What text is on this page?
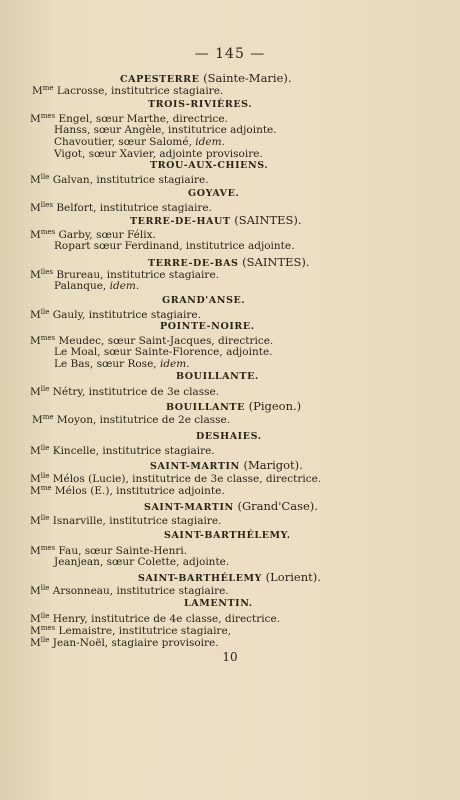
— 145 —
CAPESTERRE (Sainte-Marie).
$M^{me}$ Lacrosse, institutrice stagiaire.
TROIS-RIVIÈRES.
$M^{mes}$ Engel, sœur Marthe, directrice.
Hanss, sœur Angèle, institutrice adjointe.
Chavoutier, sœur Salomé, idem.
Vigot, sœur Xavier, adjointe provisoire.
TROU-AUX-CHIENS.
$M^{lle}$ Galvan, institutrice stagiaire.
GOYAVE.
$M^{lles}$ Belfort, institutrice stagiaire.
TERRE-DE-HAUT (SAINTES).
$M^{mes}$ Garby, sœur Félix.
Ropart sœur Ferdinand, institutrice adjointe.
TERRE-DE-BAS (SAINTES).
$M^{lles}$ Brureau, institutrice stagiaire.
Palanque, idem.
GRAND'ANSE.
$M^{lle}$ Gauly, institutrice stagiaire.
POINTE-NOIRE.
$M^{mes}$ Meudec, sœur Saint-Jacques, directrice.
Le Moal, sœur Sainte-Florence, adjointe.
Le Bas, sœur Rose, idem.
BOUILLANTE.
$M^{lle}$ Nétry, institutrice de 3e classe.
BOUILLANTE (Pigeon.)
$M^{me}$ Moyon, institutrice de 2e classe.
DESHAIES.
$M^{lle}$ Kincelle, institutrice stagiaire.
SAINT-MARTIN (Marigot).
$M^{lle}$ Mélos (Lucie), institutrice de 3e classe, directrice.
$M^{me}$ Mélos (E.), institutrice adjointe.
SAINT-MARTIN (Grand'Case).
$M^{lle}$ Isnarville, institutrice stagiaire.
SAINT-BARTHÉLEMY.
$M^{mes}$ Fau, sœur Sainte-Henri.
Jeanjean, sœur Colette, adjointe.
SAINT-BARTHÉLEMY (Lorient).
$M^{lle}$ Arsonneau, institutrice stagiaire.
LAMENTIN.
$M^{lle}$ Henry, institutrice de 4e classe, directrice.
$M^{mes}$ Lemaistre, institutrice stagiaire,
$M^{lle}$ Jean-Noël, stagiaire provisoire.
10
